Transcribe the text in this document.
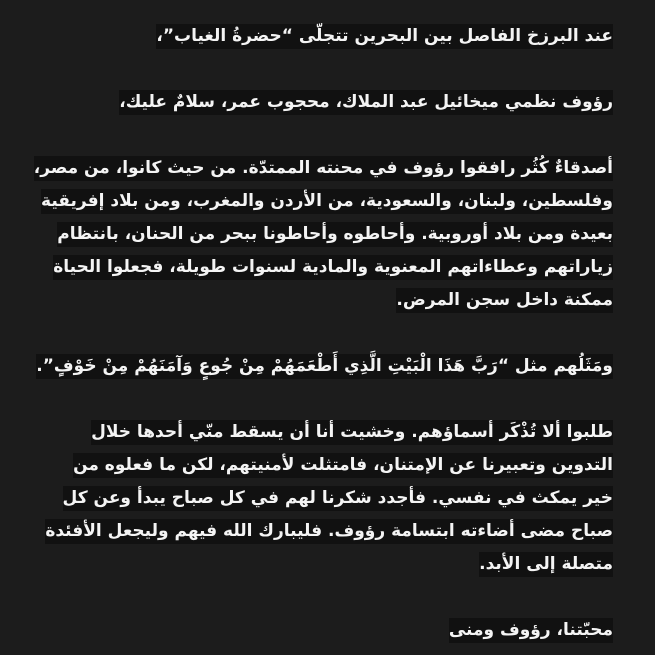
عند البرزخ الفاصل بين البحرين تتجلّى “حضرةُ الغياب”،

رؤوف نظمي ميخائيل عبد الملاك، محجوب عمر، سلامٌ عليك،

أصدقاءٌ كُثُر رافقوا رؤوف في محنته الممتدّة. من حيث كانوا، من مصر،
وفلسطين، ولبنان، والسعودية، من الأردن والمغرب، ومن بلاد إفريقية
بعيدة ومن بلاد أوروبية. وأحاطوه وأحاطونا ببحر من الحنان، بانتظام
زياراتهم وعطاءاتهم المعنوية والمادية لسنوات طويلة، فجعلوا الحياة
ممكنة داخل سجن المرض.

ومَثَلُهم مثل “رَبَّ هَذَا الْبَيْتِ الَّذِي أَطْعَمَهُمْ مِنْ جُوعٍ وَآمَنَهُمْ مِنْ خَوْفٍ”.

طلبوا ألا تُذْكَر أسماؤهم. وخشيت أنا أن يسقط منّي أحدها خلال
التدوين وتعبيرنا عن الإمتنان، فامتثلت لأمنيتهم، لكن ما فعلوه من
خير يمكث في نفسي. فأجدد شكرنا لهم في كل صباح يبدأ وعن كل
صباح مضى أضاءته ابتسامة رؤوف. فليبارك الله فيهم وليجعل الأفئدة
متصلة إلى الأبد.

محبّتنا، رؤوف ومنى
